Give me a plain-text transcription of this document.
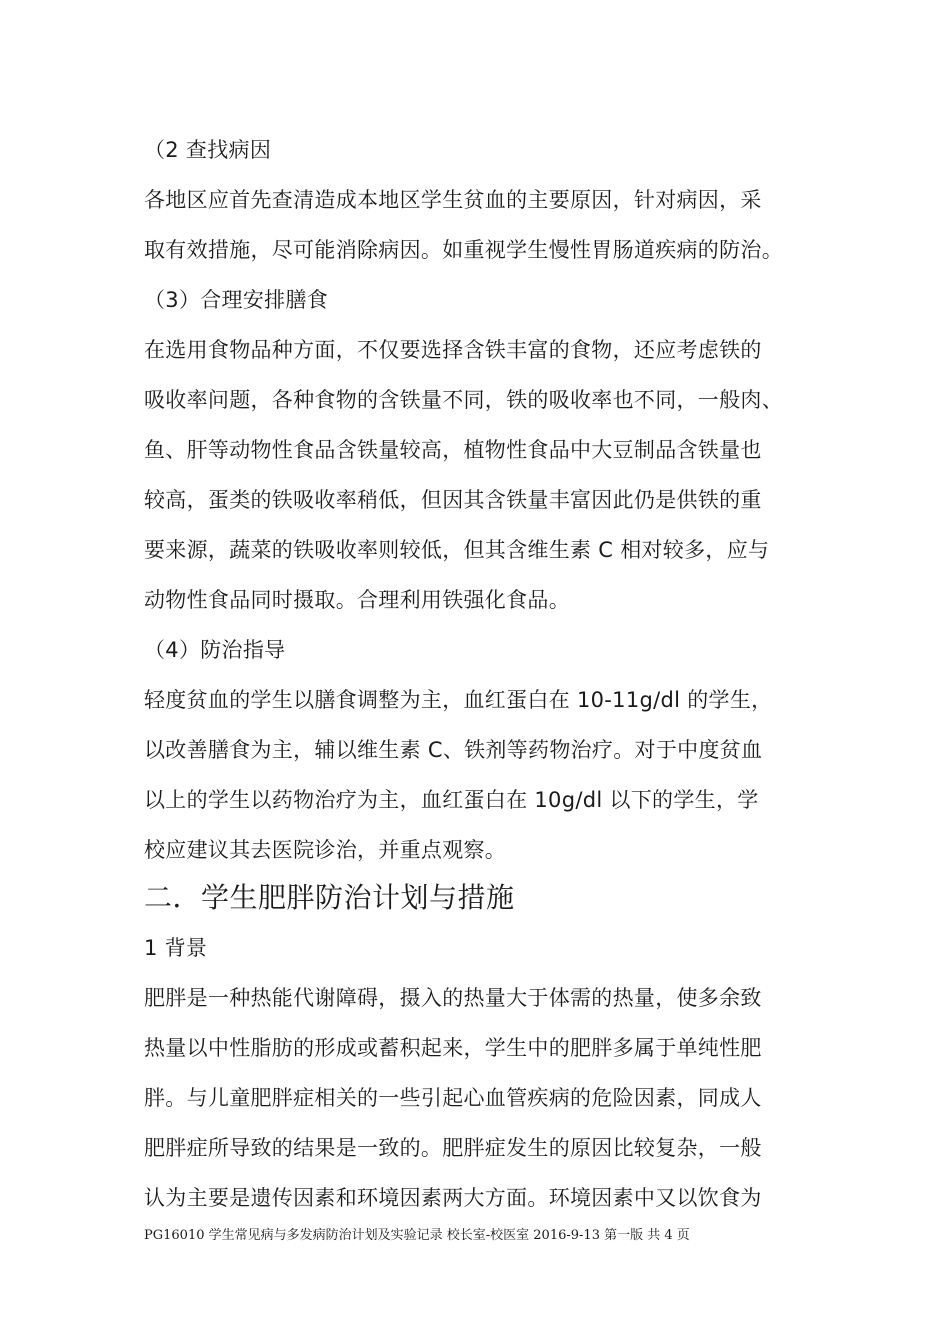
（2 查找病因
各地区应首先查清造成本地区学生贫血的主要原因，针对病因，采
取有效措施，尽可能消除病因。如重视学生慢性胃肠道疾病的防治。
（3）合理安排膳食
在选用食物品种方面，不仅要选择含铁丰富的食物，还应考虑铁的
吸收率问题，各种食物的含铁量不同，铁的吸收率也不同，一般肉、
鱼、肝等动物性食品含铁量较高，植物性食品中大豆制品含铁量也
较高，蛋类的铁吸收率稍低，但因其含铁量丰富因此仍是供铁的重
要来源，蔬菜的铁吸收率则较低，但其含维生素 C 相对较多，应与
动物性食品同时摄取。合理利用铁强化食品。
（4）防治指导
轻度贫血的学生以膳食调整为主，血红蛋白在 10-11g/dl 的学生，
以改善膳食为主，辅以维生素 C、铁剂等药物治疗。对于中度贫血
以上的学生以药物治疗为主，血红蛋白在 10g/dl 以下的学生，学
校应建议其去医院诊治，并重点观察。
二．学生肥胖防治计划与措施
1 背景
肥胖是一种热能代谢障碍，摄入的热量大于体需的热量，使多余致
热量以中性脂肪的形成或蓄积起来，学生中的肥胖多属于单纯性肥
胖。与儿童肥胖症相关的一些引起心血管疾病的危险因素，同成人
肥胖症所导致的结果是一致的。肥胖症发生的原因比较复杂，一般
认为主要是遗传因素和环境因素两大方面。环境因素中又以饮食为
PG16010 学生常见病与多发病防治计划及实验记录 校长室-校医室 2016-9-13 第一版 共 4 页
